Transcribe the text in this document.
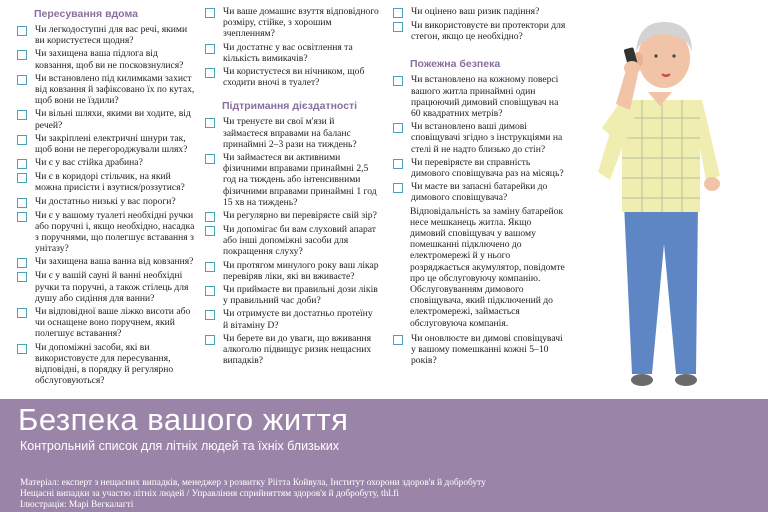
Пересування вдома
Чи легкодоступні для вас речі, якими ви користуєтеся щодня?
Чи захищена ваша підлога від ковзання, щоб ви не посковзнулися?
Чи встановлено під килимками захист від ковзання й зафіксовано їх по кутах, щоб вони не їздили?
Чи вільні шляхи, якими ви ходите, від речей?
Чи закріплені електричні шнури так, щоб вони не перегороджували шлях?
Чи є у вас стійка драбина?
Чи є в коридорі стільчик, на який можна присісти і взутися/роззутися?
Чи достатньо низькі у вас пороги?
Чи є у вашому туалеті необхідні ручки або поручні і, якщо необхідно, насадка з поручнями, що полегшує вставання з унітазу?
Чи захищена ваша ванна від ковзання?
Чи є у вашій сауні й ванні необхідні ручки та поручні, а також стілець для душу або сидіння для ванни?
Чи відповідної ваше ліжко висоти або чи оснащене воно поручнем, який полегшує вставання?
Чи допоміжні засоби, які ви використовуєте для пересування, відповідні, в порядку й регулярно обслуговуються?
Чи ваше домашнє взуття відповідного розміру, стійке, з хорошим зчепленням?
Чи достатнє у вас освітлення та кількість вимикачів?
Чи користуєтеся ви нічником, щоб сходити вночі в туалет?
Підтримання дієздатності
Чи тренуєте ви свої м'язи й займаєтеся вправами на баланс принаймні 2–3 рази на тиждень?
Чи займаєтеся ви активними фізичними вправами принаймні 2,5 год на тиждень або інтенсивними фізичними вправами принаймні 1 год 15 хв на тиждень?
Чи регулярно ви перевіряєте свій зір?
Чи допомігає би вам слуховий апарат або інші допоміжні засоби для покращення слуху?
Чи протягом минулого року ваш лікар перевіряв ліки, які ви вживаєте?
Чи приймаєте ви правильні дози ліків у правильний час доби?
Чи отримуєте ви достатньо протеїну й вітаміну D?
Чи берете ви до уваги, що вживання алкоголю підвищує ризик нещасних випадків?
Чи оцінено ваш ризик падіння?
Чи використовуєте ви протектори для стегон, якщо це необхідно?
Пожежна безпека
Чи встановлено на кожному поверсі вашого житла принаймні один працюючий димовий сповіщувач на 60 квадратних метрів?
Чи встановлено ваші димові сповіщувачі згідно з інструкціями на стелі й не надто близько до стін?
Чи перевіряєте ви справність димового сповіщувача раз на місяць?
Чи маєте ви запасні батарейки до димового сповіщувача?
Відповідальність за заміну батарейок несе мешканець житла. Якщо димовий сповіщувач у вашому помешканні підключено до електромережі й у нього розряджається акумулятор, повідомте про це обслуговуючу компанію. Обслуговуванням димового сповіщувача, який підключений до електромережі, займається обслуговуюча компанія.
Чи оновлюєте ви димові сповіщувачі у вашому помешканні кожні 5–10 років?
Безпека вашого життя
Контрольний список для літніх людей та їхніх близьких
Матеріал: експерт з нещасних випадків, менеджер з розвитку Ріітта Койвула, Інститут охорони здоров'я й добробуту
Нещасні випадки за участю літніх людей / Управління сприйняттям здоров'я й добробуту, thl.fi
Ілюстрація: Марі Вегкалагті
